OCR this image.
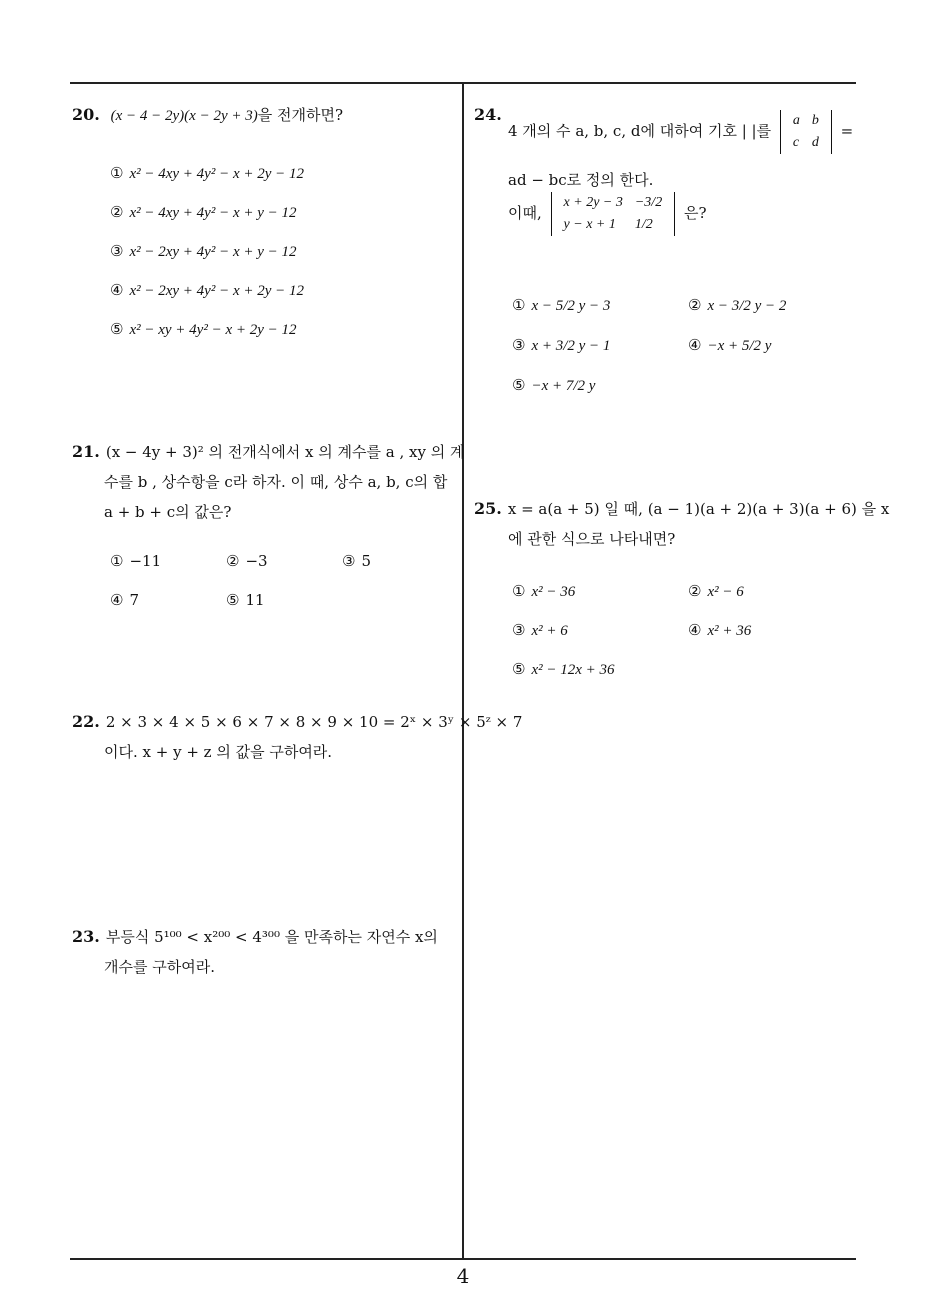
20. (x − 4 − 2y)(x − 2y + 3)을 전개하면?
① x² − 4xy + 4y² − x + 2y − 12
② x² − 4xy + 4y² − x + y − 12
③ x² − 2xy + 4y² − x + y − 12
④ x² − 2xy + 4y² − x + 2y − 12
⑤ x² − xy + 4y² − x + 2y − 12
21. (x − 4y + 3)² 의 전개식에서 x 의 계수를 a , xy 의 계
수를 b , 상수항을 c라 하자. 이 때, 상수 a, b, c의 합
a + b + c의 값은?
① −11	② −3	③ 5
④ 7	⑤ 11
22. 2 × 3 × 4 × 5 × 6 × 7 × 8 × 9 × 10 = 2ˣ × 3ʸ × 5ᶻ × 7
이다. x + y + z 의 값을 구하여라.
23. 부등식 5¹⁰⁰ < x²⁰⁰ < 4³⁰⁰ 을 만족하는 자연수 x의
개수를 구하여라.
24.
4 개의 수 a, b, c, d에 대하여 기호 | |를
a	b
c	d
=
ad − bc로 정의 한다.
이때,
x + 2y − 3	−3/2
y − x + 1	1/2
은?
① x − 5/2 y − 3	② x − 3/2 y − 2
③ x + 3/2 y − 1	④ −x + 5/2 y
⑤ −x + 7/2 y
25. x = a(a + 5) 일 때, (a − 1)(a + 2)(a + 3)(a + 6) 을 x
에 관한 식으로 나타내면?
① x² − 36	② x² − 6
③ x² + 6	④ x² + 36
⑤ x² − 12x + 36
4
